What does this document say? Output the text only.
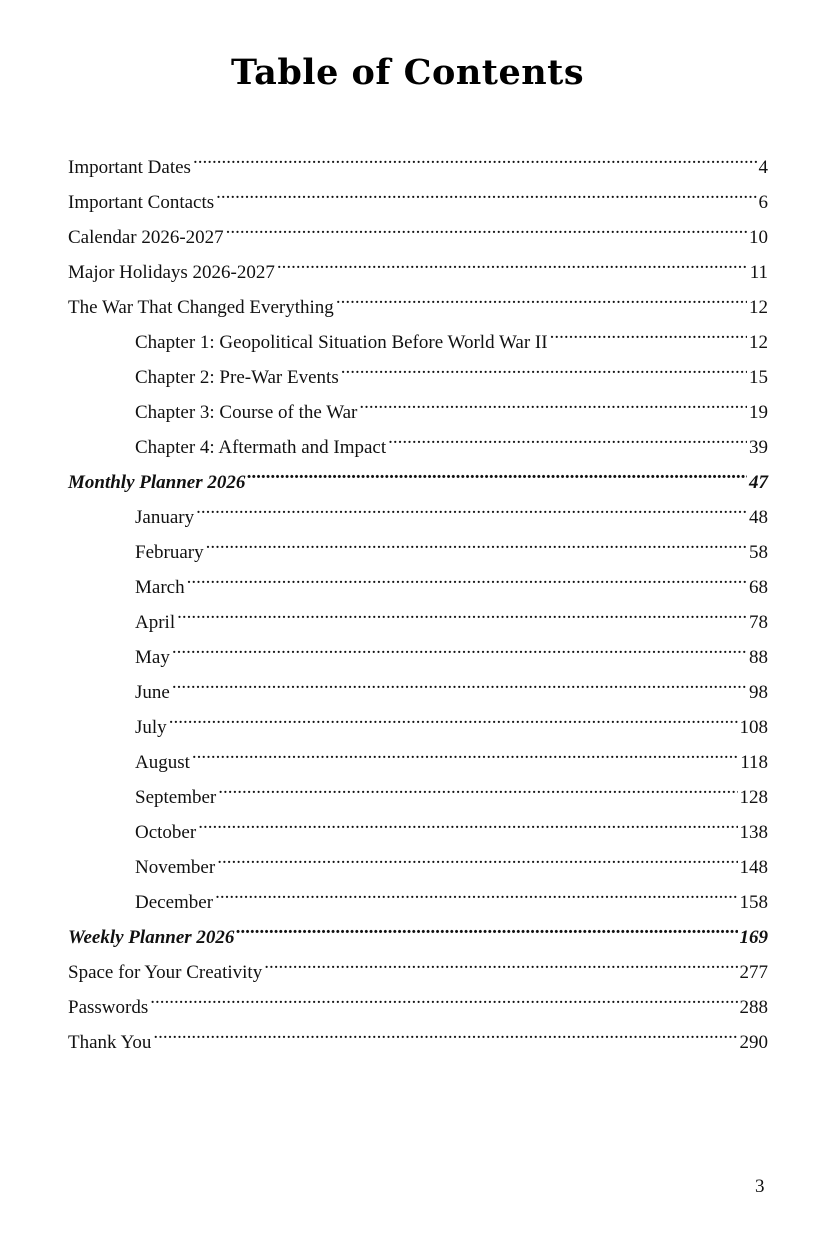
Table of Contents
Important Dates .....	4
Important Contacts .....	6
Calendar 2026-2027 .....	10
Major Holidays 2026-2027 .....	11
The War That Changed Everything .....	12
Chapter 1: Geopolitical Situation Before World War II .....	12
Chapter 2: Pre-War Events .....	15
Chapter 3: Course of the War .....	19
Chapter 4: Aftermath and Impact .....	39
Monthly Planner 2026 .....	47
January .....	48
February .....	58
March .....	68
April .....	78
May .....	88
June .....	98
July .....	108
August .....	118
September .....	128
October .....	138
November .....	148
December .....	158
Weekly Planner 2026 .....	169
Space for Your Creativity .....	277
Passwords .....	288
Thank You .....	290
3
